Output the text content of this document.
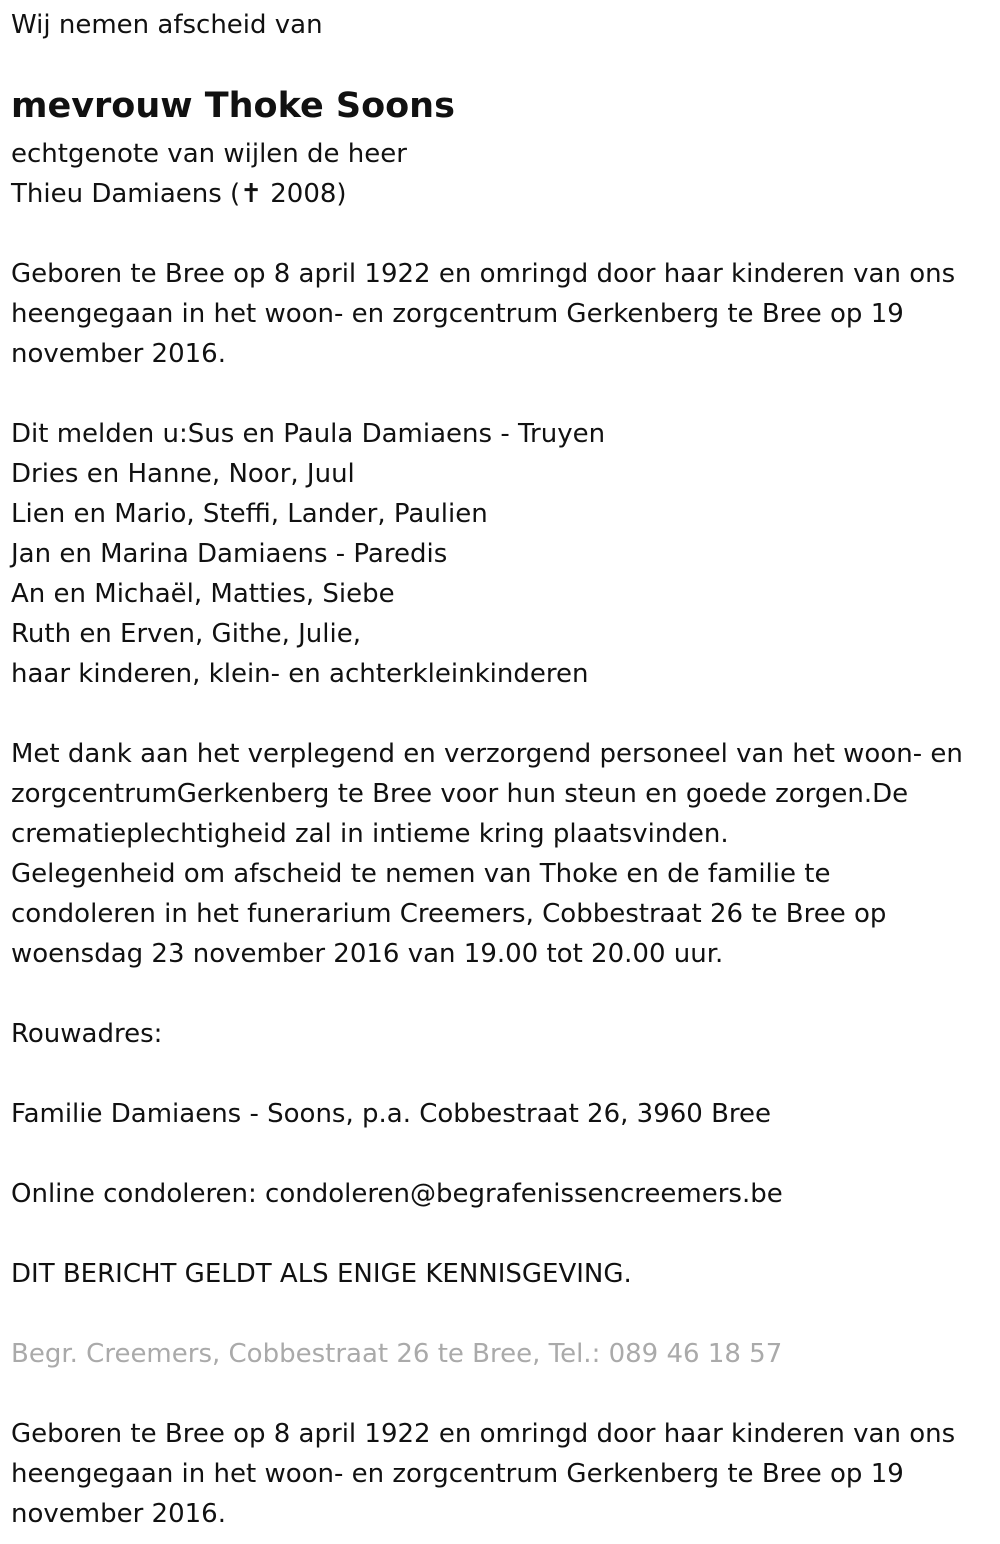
Wij nemen afscheid van

mevrouw Thoke Soons

echtgenote van wijlen de heer

Thieu Damiaens (✝ 2008)

Geboren te Bree op 8 april 1922 en omringd door haar kinderen van ons

heengegaan in het woon- en zorgcentrum Gerkenberg te Bree op 19

november 2016.

Dit melden u:Sus en Paula Damiaens - Truyen

Dries en Hanne, Noor, Juul

Lien en Mario, Steffi, Lander, Paulien

Jan en Marina Damiaens - Paredis

An en Michaël, Matties, Siebe

Ruth en Erven, Githe, Julie,

haar kinderen, klein- en achterkleinkinderen

Met dank aan het verplegend en verzorgend personeel van het woon- en

zorgcentrumGerkenberg te Bree voor hun steun en goede zorgen.De

crematieplechtigheid zal in intieme kring plaatsvinden.

Gelegenheid om afscheid te nemen van Thoke en de familie te

condoleren in het funerarium Creemers, Cobbestraat 26 te Bree op

woensdag 23 november 2016 van 19.00 tot 20.00 uur.

Rouwadres:

Familie Damiaens - Soons, p.a. Cobbestraat 26, 3960 Bree

Online condoleren: condoleren@begrafenissencreemers.be

DIT BERICHT GELDT ALS ENIGE KENNISGEVING.

Begr. Creemers, Cobbestraat 26 te Bree, Tel.: 089 46 18 57

Geboren te Bree op 8 april 1922 en omringd door haar kinderen van ons

heengegaan in het woon- en zorgcentrum Gerkenberg te Bree op 19

november 2016.
